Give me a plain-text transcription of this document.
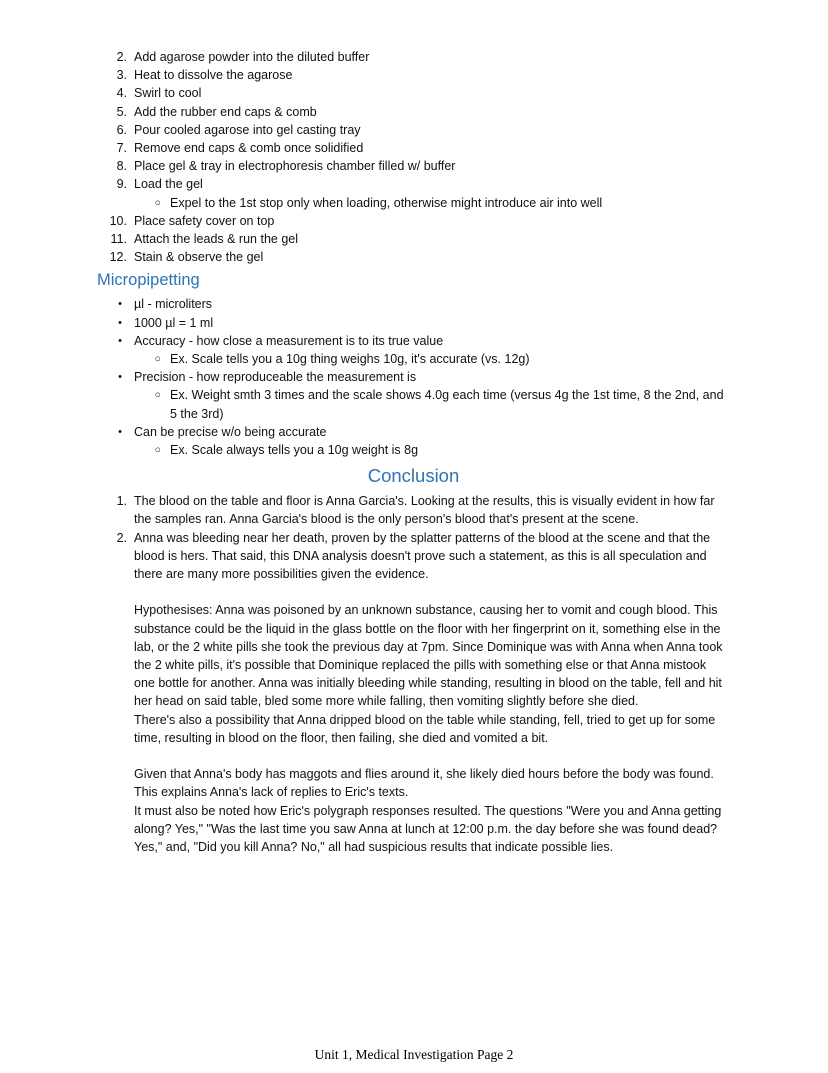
2. Add agarose powder into the diluted buffer
3. Heat to dissolve the agarose
4. Swirl to cool
5. Add the rubber end caps & comb
6. Pour cooled agarose into gel casting tray
7. Remove end caps & comb once solidified
8. Place gel & tray in electrophoresis chamber filled w/ buffer
9. Load the gel
○ Expel to the 1st stop only when loading, otherwise might introduce air into well
10. Place safety cover on top
11. Attach the leads & run the gel
12. Stain & observe the gel
Micropipetting
• µl - microliters
• 1000 µl = 1 ml
• Accuracy - how close a measurement is to its true value
○ Ex. Scale tells you a 10g thing weighs 10g, it's accurate (vs. 12g)
• Precision - how reproduceable the measurement is
○ Ex. Weight smth 3 times and the scale shows 4.0g each time (versus 4g the 1st time, 8 the 2nd, and 5 the 3rd)
• Can be precise w/o being accurate
○ Ex. Scale always tells you a 10g weight is 8g
Conclusion
1. The blood on the table and floor is Anna Garcia's. Looking at the results, this is visually evident in how far the samples ran. Anna Garcia's blood is the only person's blood that's present at the scene.
2. Anna was bleeding near her death, proven by the splatter patterns of the blood at the scene and that the blood is hers. That said, this DNA analysis doesn't prove such a statement, as this is all speculation and there are many more possibilities given the evidence.

Hypothesises: Anna was poisoned by an unknown substance, causing her to vomit and cough blood. This substance could be the liquid in the glass bottle on the floor with her fingerprint on it, something else in the lab, or the 2 white pills she took the previous day at 7pm. Since Dominique was with Anna when Anna took the 2 white pills, it's possible that Dominique replaced the pills with something else or that Anna mistook one bottle for another. Anna was initially bleeding while standing, resulting in blood on the table, fell and hit her head on said table, bled some more while falling, then vomiting slightly before she died.
There's also a possibility that Anna dripped blood on the table while standing, fell, tried to get up for some time, resulting in blood on the floor, then failing, she died and vomited a bit.

Given that Anna's body has maggots and flies around it, she likely died hours before the body was found. This explains Anna's lack of replies to Eric's texts.
It must also be noted how Eric's polygraph responses resulted. The questions "Were you and Anna getting along? Yes," "Was the last time you saw Anna at lunch at 12:00 p.m. the day before she was found dead? Yes," and, "Did you kill Anna? No," all had suspicious results that indicate possible lies.
Unit 1, Medical Investigation Page 2
